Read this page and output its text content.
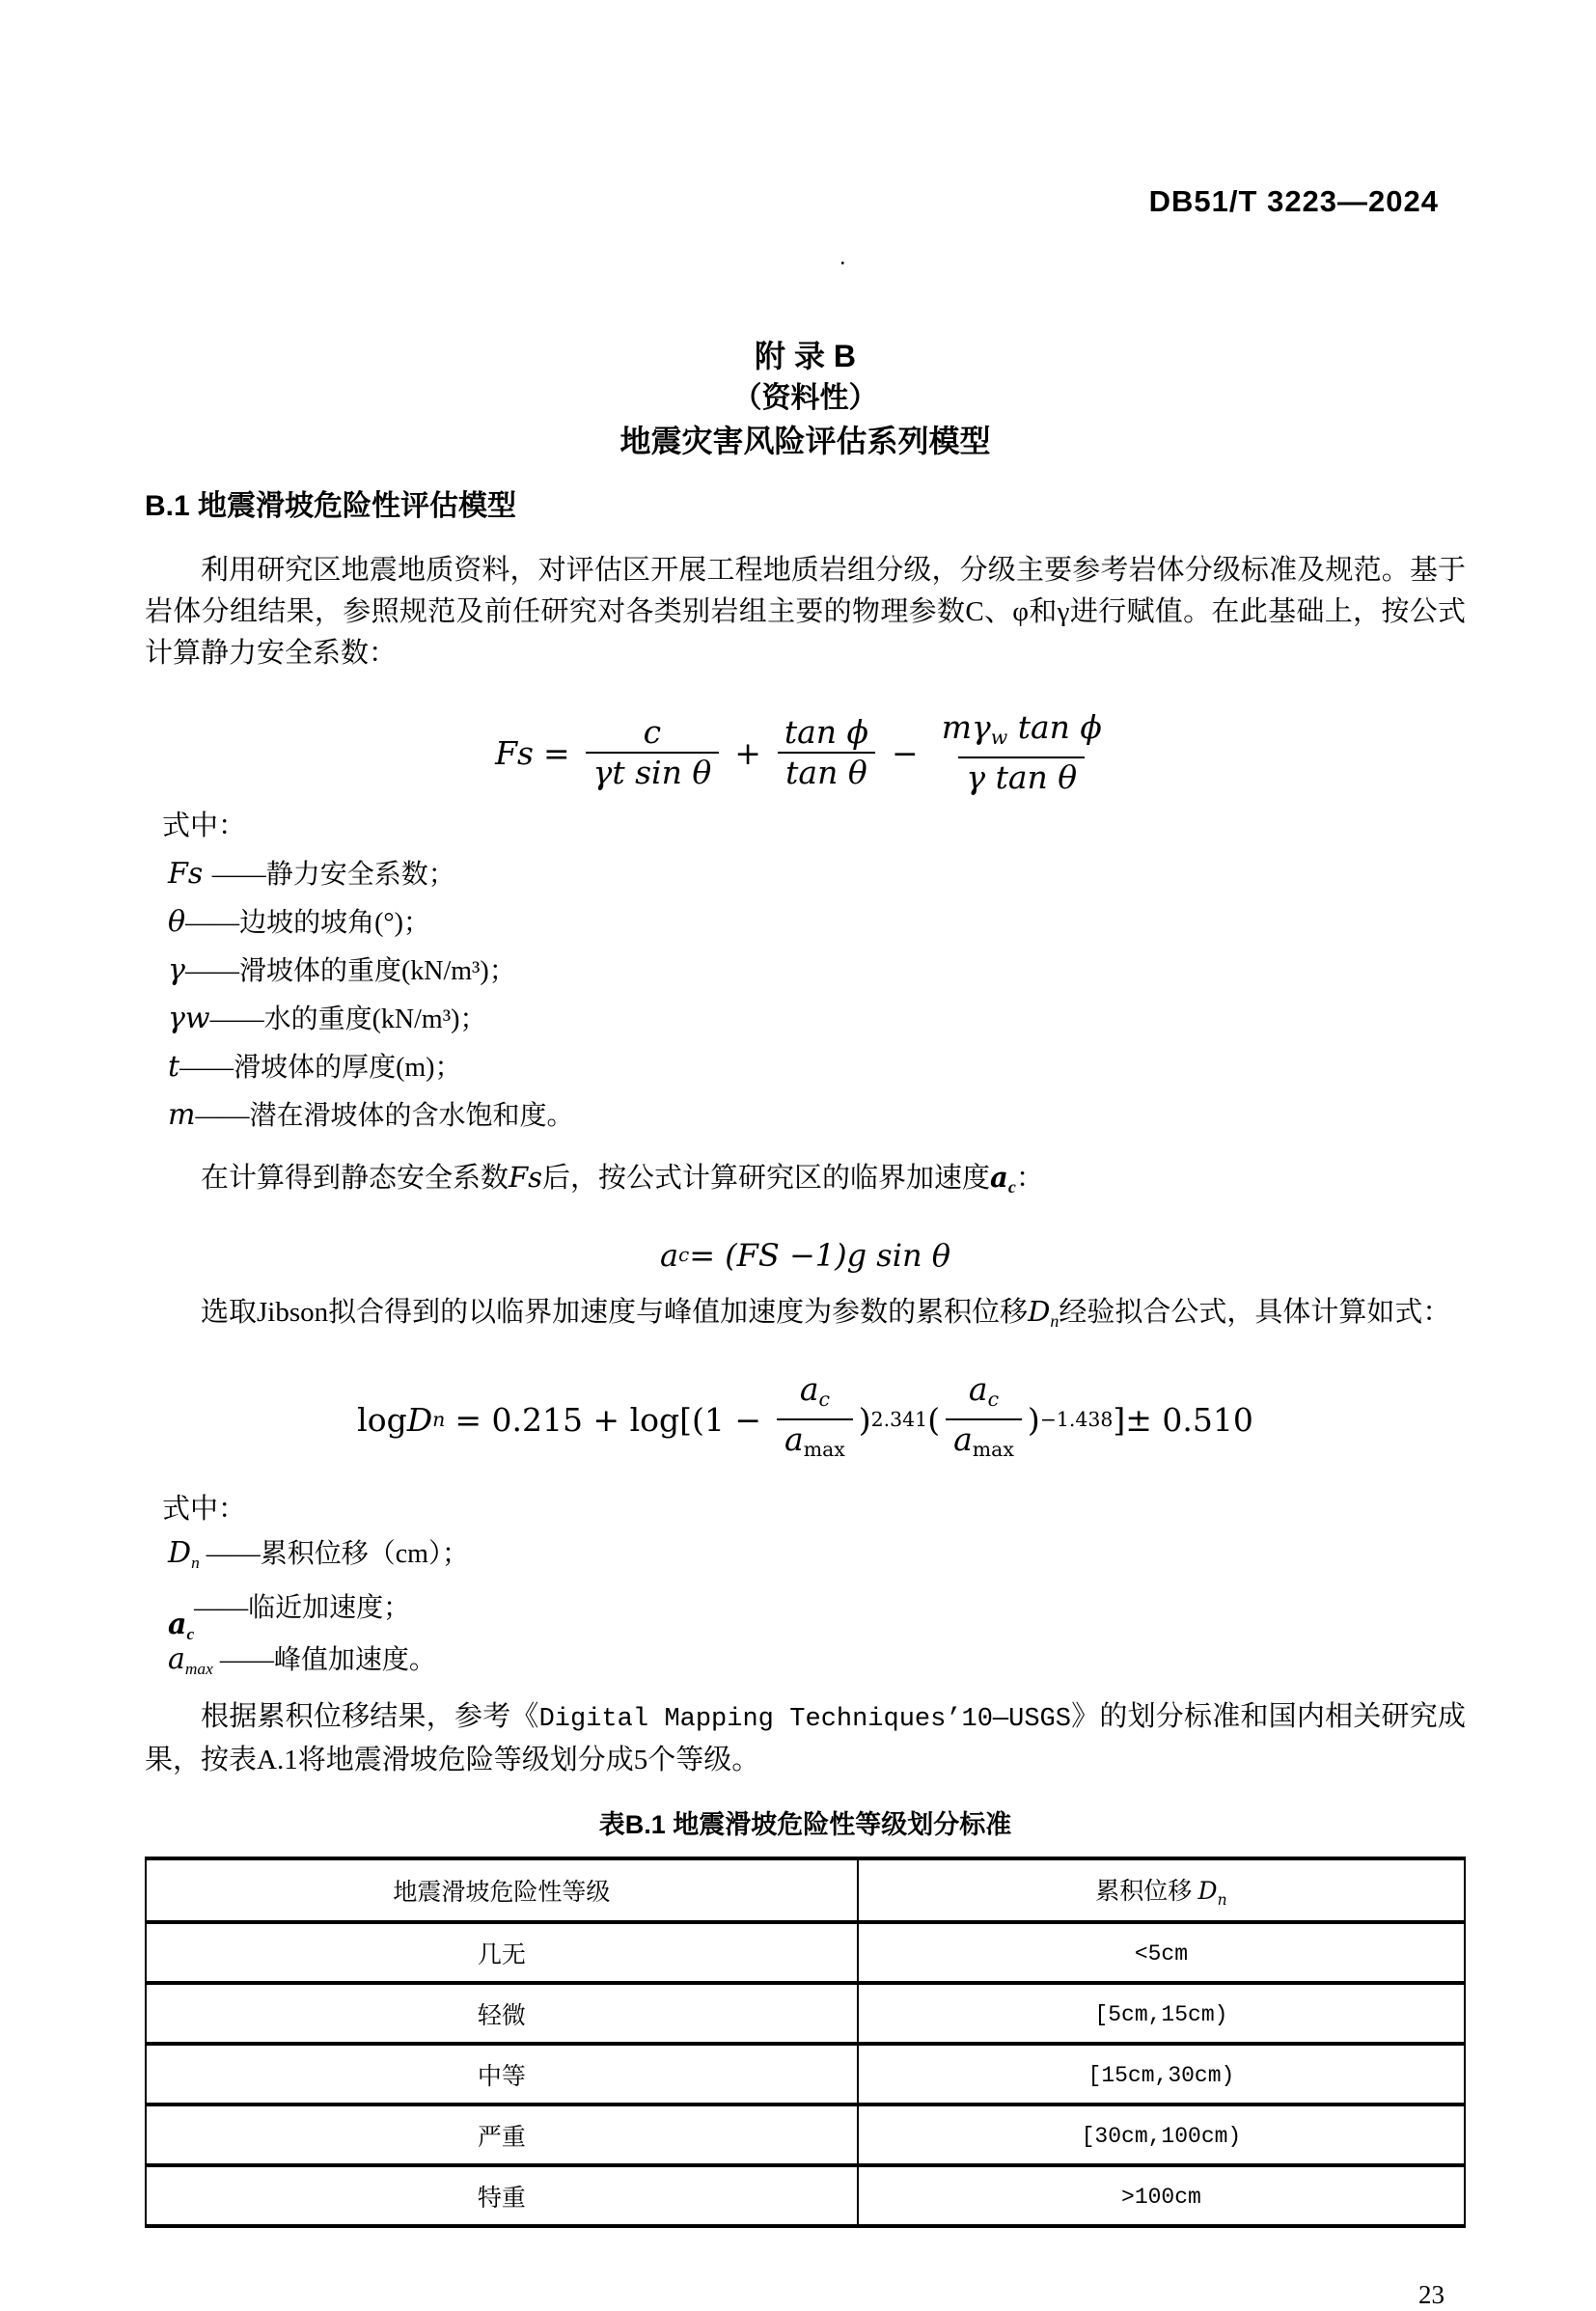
DB51/T 3223—2024
.
附 录 B
（资料性）
地震灾害风险评估系列模型
B.1 地震滑坡危险性评估模型

利用研究区地震地质资料，对评估区开展工程地质岩组分级，分级主要参考岩体分级标准及规范。基于岩体分组结果，参照规范及前任研究对各类别岩组主要的物理参数C、φ和γ进行赋值。在此基础上，按公式计算静力安全系数：

$Fs = \frac{c}{\text{γt sin θ}} + \frac{\text{tan ϕ}}{\text{tan θ}} - \frac{m\gamma_w \tan \phi}{\text{γ tan θ}}$
式中：
Fs ——静力安全系数；
θ——边坡的坡角(°)；
γ——滑坡体的重度(kN/m³)；
γw——水的重度(kN/m³)；
t——滑坡体的厚度(m)；
m——潜在滑坡体的含水饱和度。

在计算得到静态安全系数Fs后，按公式计算研究区的临界加速度$a_c$：

a c = (FS −1)g sin θ

选取Jibson拟合得到的以临界加速度与峰值加速度为参数的累积位移$D_n$经验拟合公式，具体计算如式：

log D $n = 0.215 + \log[(1 - \frac{a_c}{a_{max}}$ ) 2.341 ( $\frac{a_c}{a_{max}}$ ) −1.438 ]± 0.510
式中：
$D_n$ ——累积位移（cm）；
$a_c——$临近加速度；
$a_{max}$ ——峰值加速度。

根据累积位移结果，参考《Digital Mapping Techniques’10—USGS》的划分标准和国内相关研究成果，按表A.1将地震滑坡危险等级划分成5个等级。

表B.1 地震滑坡危险性等级划分标准
地震滑坡危险性等级	累积位移 $D_n$
几无	<5cm
轻微	[5cm,15cm)
中等	[15cm,30cm)
严重	[30cm,100cm)
特重	>100cm
23
